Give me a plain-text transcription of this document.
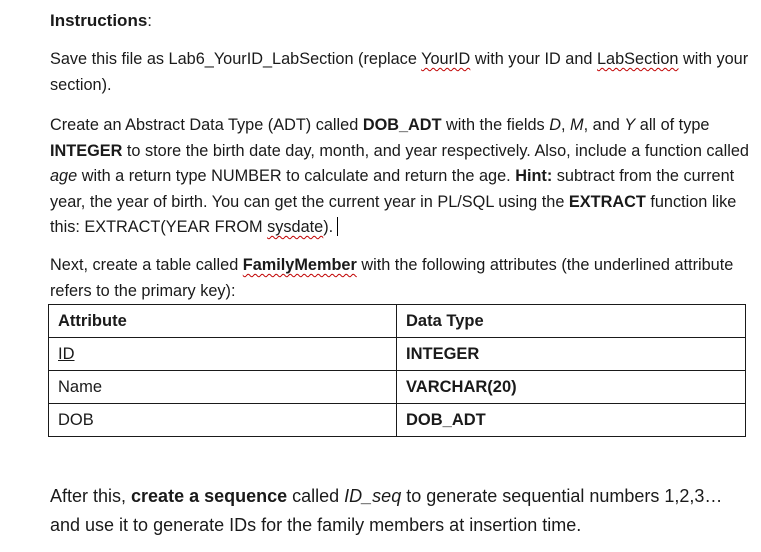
Instructions:

Save this file as Lab6_YourID_LabSection (replace YourID with your ID and LabSection with your section).

Create an Abstract Data Type (ADT) called DOB_ADT with the fields D, M, and Y all of type INTEGER to store the birth date day, month, and year respectively. Also, include a function called age with a return type NUMBER to calculate and return the age. Hint: subtract from the current year, the year of birth. You can get the current year in PL/SQL using the EXTRACT function like this: EXTRACT(YEAR FROM sysdate).

Next, create a table called FamilyMember with the following attributes (the underlined attribute refers to the primary key):

Attribute	Data Type
ID	INTEGER
Name	VARCHAR(20)
DOB	DOB_ADT

After this, create a sequence called ID_seq to generate sequential numbers 1,2,3… and use it to generate IDs for the family members at insertion time.
